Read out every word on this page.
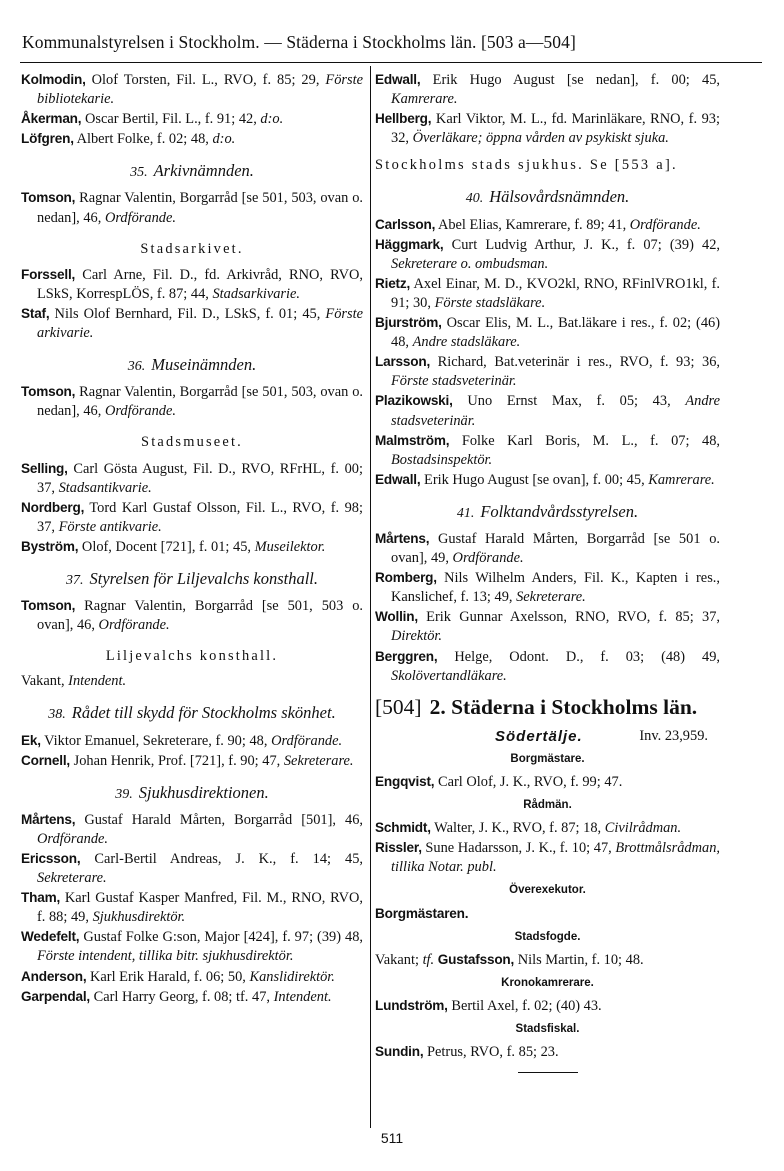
Kommunalstyrelsen i Stockholm. — Städerna i Stockholms län. [503 a—504]

Kolmodin, Olof Torsten, Fil. L., RVO, f. 85; 29, Förste bibliotekarie.

Åkerman, Oscar Bertil, Fil. L., f. 91; 42, d:o.

Löfgren, Albert Folke, f. 02; 48, d:o.

35. Arkivnämnden.

Tomson, Ragnar Valentin, Borgarråd [se 501, 503, ovan o. nedan], 46, Ordförande.

Stadsarkivet.

Forssell, Carl Arne, Fil. D., fd. Arkivråd, RNO, RVO, LSkS, KorrespLÖS, f. 87; 44, Stadsarkivarie.

Staf, Nils Olof Bernhard, Fil. D., LSkS, f. 01; 45, Förste arkivarie.

36. Museinämnden.

Tomson, Ragnar Valentin, Borgarråd [se 501, 503, ovan o. nedan], 46, Ordförande.

Stadsmuseet.

Selling, Carl Gösta August, Fil. D., RVO, RFrHL, f. 00; 37, Stadsantikvarie.

Nordberg, Tord Karl Gustaf Olsson, Fil. L., RVO, f. 98; 37, Förste antikvarie.

Byström, Olof, Docent [721], f. 01; 45, Museilektor.

37. Styrelsen för Liljevalchs konsthall.

Tomson, Ragnar Valentin, Borgarråd [se 501, 503 o. ovan], 46, Ordförande.

Liljevalchs konsthall.

Vakant, Intendent.

38. Rådet till skydd för Stockholms skönhet.

Ek, Viktor Emanuel, Sekreterare, f. 90; 48, Ordförande.

Cornell, Johan Henrik, Prof. [721], f. 90; 47, Sekreterare.

39. Sjukhusdirektionen.

Mårtens, Gustaf Harald Mårten, Borgarråd [501], 46, Ordförande.

Ericsson, Carl-Bertil Andreas, J. K., f. 14; 45, Sekreterare.

Tham, Karl Gustaf Kasper Manfred, Fil. M., RNO, RVO, f. 88; 49, Sjukhusdirektör.

Wedefelt, Gustaf Folke G:son, Major [424], f. 97; (39) 48, Förste intendent, tillika bitr. sjukhusdirektör.

Anderson, Karl Erik Harald, f. 06; 50, Kanslidirektör.

Garpendal, Carl Harry Georg, f. 08; tf. 47, Intendent.

Edwall, Erik Hugo August [se nedan], f. 00; 45, Kamrerare.

Hellberg, Karl Viktor, M. L., fd. Marinläkare, RNO, f. 93; 32, Överläkare; öppna vården av psykiskt sjuka.

Stockholms stads sjukhus. Se [553 a].

40. Hälsovårdsnämnden.

Carlsson, Abel Elias, Kamrerare, f. 89; 41, Ordförande.

Häggmark, Curt Ludvig Arthur, J. K., f. 07; (39) 42, Sekreterare o. ombudsman.

Rietz, Axel Einar, M. D., KVO2kl, RNO, RFinlVRO1kl, f. 91; 30, Förste stadsläkare.

Bjurström, Oscar Elis, M. L., Bat.läkare i res., f. 02; (46) 48, Andre stadsläkare.

Larsson, Richard, Bat.veterinär i res., RVO, f. 93; 36, Förste stadsveterinär.

Plazikowski, Uno Ernst Max, f. 05; 43, Andre stadsveterinär.

Malmström, Folke Karl Boris, M. L., f. 07; 48, Bostadsinspektör.

Edwall, Erik Hugo August [se ovan], f. 00; 45, Kamrerare.

41. Folktandvårdsstyrelsen.

Mårtens, Gustaf Harald Mårten, Borgarråd [se 501 o. ovan], 49, Ordförande.

Romberg, Nils Wilhelm Anders, Fil. K., Kapten i res., Kanslichef, f. 13; 49, Sekreterare.

Wollin, Erik Gunnar Axelsson, RNO, RVO, f. 85; 37, Direktör.

Berggren, Helge, Odont. D., f. 03; (48) 49, Skolövertandläkare.

[504] 2. Städerna i Stockholms län.
Södertälje.	Inv. 23,959.
Borgmästare.

Engqvist, Carl Olof, J. K., RVO, f. 99; 47.

Rådmän.

Schmidt, Walter, J. K., RVO, f. 87; 18, Civilrådman.

Rissler, Sune Hadarsson, J. K., f. 10; 47, Brottmålsrådman, tillika Notar. publ.

Överexekutor.

Borgmästaren.

Stadsfogde.

Vakant; tf. Gustafsson, Nils Martin, f. 10; 48.

Kronokamrerare.

Lundström, Bertil Axel, f. 02; (40) 43.

Stadsfiskal.

Sundin, Petrus, RVO, f. 85; 23.

511
